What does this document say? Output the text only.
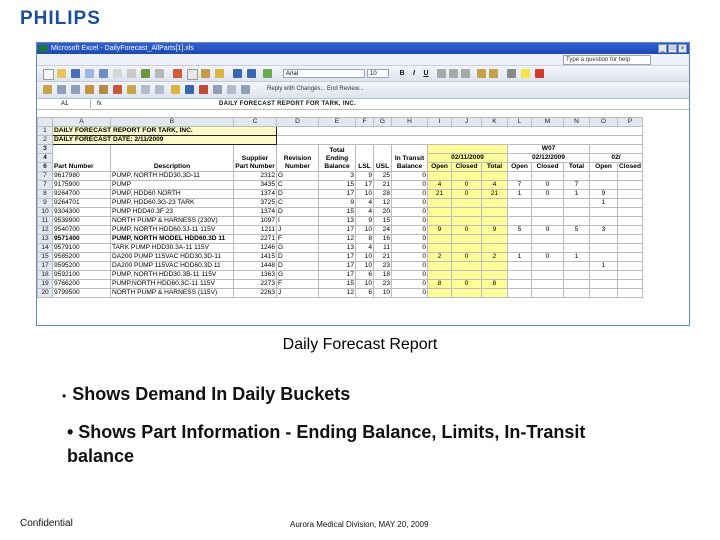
PHILIPS
Microsoft Excel - DailyForecast_AllParts[1].xls	_	□	×
Type a question for help
Arial	10	B	I	U
Reply with Changes... End Review...
A1	fx	DAILY FORECAST REPORT FOR TARK, INC.
	A	B	C	D	E	F	G	H	I	J	K	L	M	N	O	P
1	DAILY FORECAST REPORT FOR TARK, INC.															
2	DAILY FORECAST DATE: 2/11/2009															
3	Part Number	Description	Supplier Part Number	Revision Number	Total Ending Balance	LSL	USL	In Transit Balance				W07				
4									02/11/2009			02/12/2009			02/	
6									Open	Closed	Total	Open	Closed	Total	Open	Closed
7	9617980	PUMP, NORTH HDD30.3D-11	2312	G	3	9	25	0								
7	9175900	PUMP	3435	C	15	17	21	0	4	0	4	7	0	7		
8	9264700	PUMP, HDD60 NORTH	1374	D	17	10	28	0	21	0	21	1	0	1	9	
9	9264701	PUMP, HDD60.3G-23 TARK	3725	C	9	4	12	0							1	
10	9304300	PUMP HDD40.3F 23	1374	D	15	4	20	0								
11	9539900	NORTH PUMP & HARNESS (230V)	1097	I	13	9	15	0								
12	9540700	PUMP, NORTH HDD60.3J-11 115V	1211	J	17	10	24	0	9	0	9	5	0	5	3	
13	9571400	PUMP, NORTH MODEL HDD60.3D 11	2271	F	12	8	16	0								
14	9579100	TARK PUMP HDD30.3A-11 115V	1246	G	13	4	11	0								
15	9585200	DA200 PUMP 115VAC HDD30.3D-11	1415	D	17	10	21	0	2	0	2	1	0	1		
17	9595200	DA200 PUMP 115VAC HDD60.3D 11	1448	D	17	10	23	0							1	
18	9592100	PUMP, NORTH HDD30.3B-11 115V	1363	G	17	6	18	0								
19	9766200	PUMP,NORTH HDD60.3C-11 115V	2273	F	15	10	23	0	8	0	8					
20	9799500	NORTH PUMP & HARNESS (115V)	2263	J	12	6	10	0								
Daily Forecast Report
• Shows Demand In Daily Buckets
• Shows Part Information - Ending Balance, Limits, In-Transit balance
Confidential	Aurora Medical Division, MAY 20, 2009
